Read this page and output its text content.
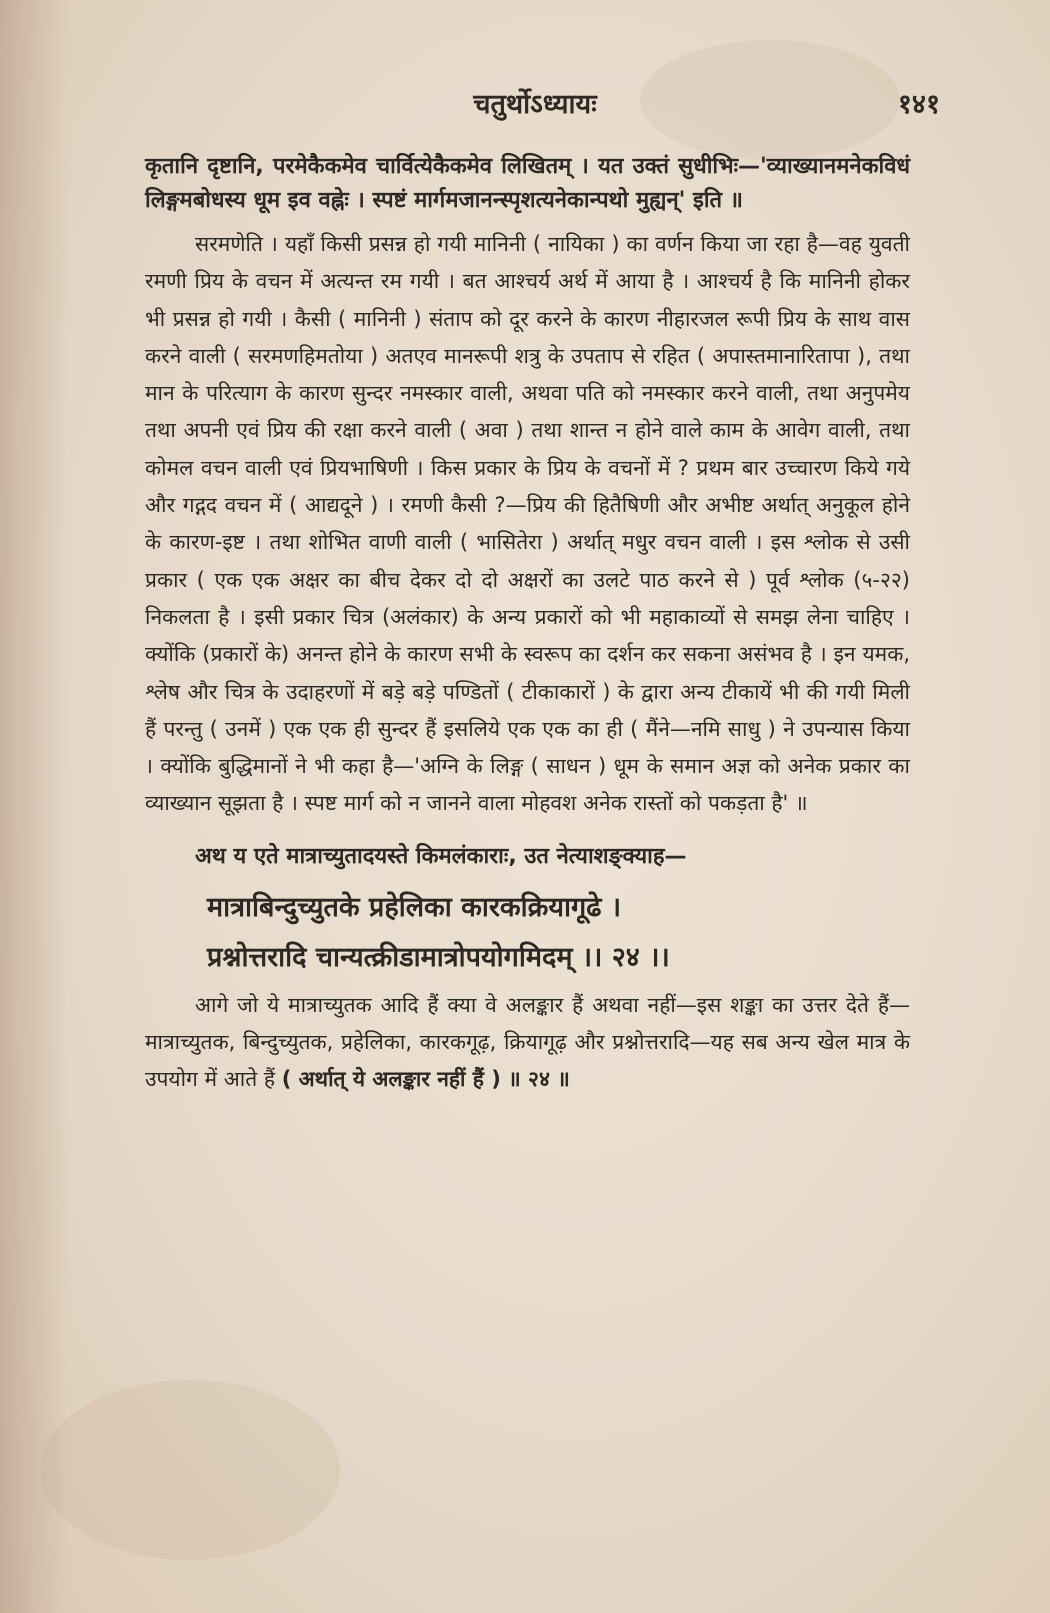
चतुर्थोऽध्यायः	१४१

कृतानि दृष्टानि, परमेकैकमेव चार्वित्येकैकमेव लिखितम् । यत उक्तं सुधीभिः—'व्याख्यानमनेकविधं लिङ्गमबोधस्य धूम इव वह्नेः । स्पष्टं मार्गमजानन्स्पृशत्यनेकान्पथो मुह्यन्' इति ॥

सरमणेति । यहाँ किसी प्रसन्न हो गयी मानिनी ( नायिका ) का वर्णन किया जा रहा है—वह युवती रमणी प्रिय के वचन में अत्यन्त रम गयी । बत आश्चर्य अर्थ में आया है । आश्चर्य है कि मानिनी होकर भी प्रसन्न हो गयी । कैसी ( मानिनी ) संताप को दूर करने के कारण नीहारजल रूपी प्रिय के साथ वास करने वाली ( सरमणहिमतोया ) अतएव मानरूपी शत्रु के उपताप से रहित ( अपास्तमानारितापा ), तथा मान के परित्याग के कारण सुन्दर नमस्कार वाली, अथवा पति को नमस्कार करने वाली, तथा अनुपमेय तथा अपनी एवं प्रिय की रक्षा करने वाली ( अवा ) तथा शान्त न होने वाले काम के आवेग वाली, तथा कोमल वचन वाली एवं प्रियभाषिणी । किस प्रकार के प्रिय के वचनों में ? प्रथम बार उच्चारण किये गये और गद्गद वचन में ( आद्यदूने ) । रमणी कैसी ?—प्रिय की हितैषिणी और अभीष्ट अर्थात् अनुकूल होने के कारण-इष्ट । तथा शोभित वाणी वाली ( भासितेरा ) अर्थात् मधुर वचन वाली । इस श्लोक से उसी प्रकार ( एक एक अक्षर का बीच देकर दो दो अक्षरों का उलटे पाठ करने से ) पूर्व श्लोक (५-२२) निकलता है । इसी प्रकार चित्र (अलंकार) के अन्य प्रकारों को भी महाकाव्यों से समझ लेना चाहिए । क्योंकि (प्रकारों के) अनन्त होने के कारण सभी के स्वरूप का दर्शन कर सकना असंभव है । इन यमक, श्लेष और चित्र के उदाहरणों में बड़े बड़े पण्डितों ( टीकाकारों ) के द्वारा अन्य टीकायें भी की गयी मिली हैं परन्तु ( उनमें ) एक एक ही सुन्दर हैं इसलिये एक एक का ही ( मैंने—नमि साधु ) ने उपन्यास किया । क्योंकि बुद्धिमानों ने भी कहा है—'अग्नि के लिङ्ग ( साधन ) धूम के समान अज्ञ को अनेक प्रकार का व्याख्यान सूझता है । स्पष्ट मार्ग को न जानने वाला मोहवश अनेक रास्तों को पकड़ता है' ॥

अथ य एते मात्राच्युतादयस्ते किमलंकाराः, उत नेत्याशङ्क्याह—

मात्राबिन्दुच्युतके प्रहेलिका कारकक्रियागूढे ।

प्रश्नोत्तरादि चान्यत्क्रीडामात्रोपयोगमिदम् ।। २४ ।।

आगे जो ये मात्राच्युतक आदि हैं क्या वे अलङ्कार हैं अथवा नहीं—इस शङ्का का उत्तर देते हैं—मात्राच्युतक, बिन्दुच्युतक, प्रहेलिका, कारकगूढ़, क्रियागूढ़ और प्रश्नोत्तरादि—यह सब अन्य खेल मात्र के उपयोग में आते हैं ( अर्थात् ये अलङ्कार नहीं हैं ) ॥ २४ ॥
